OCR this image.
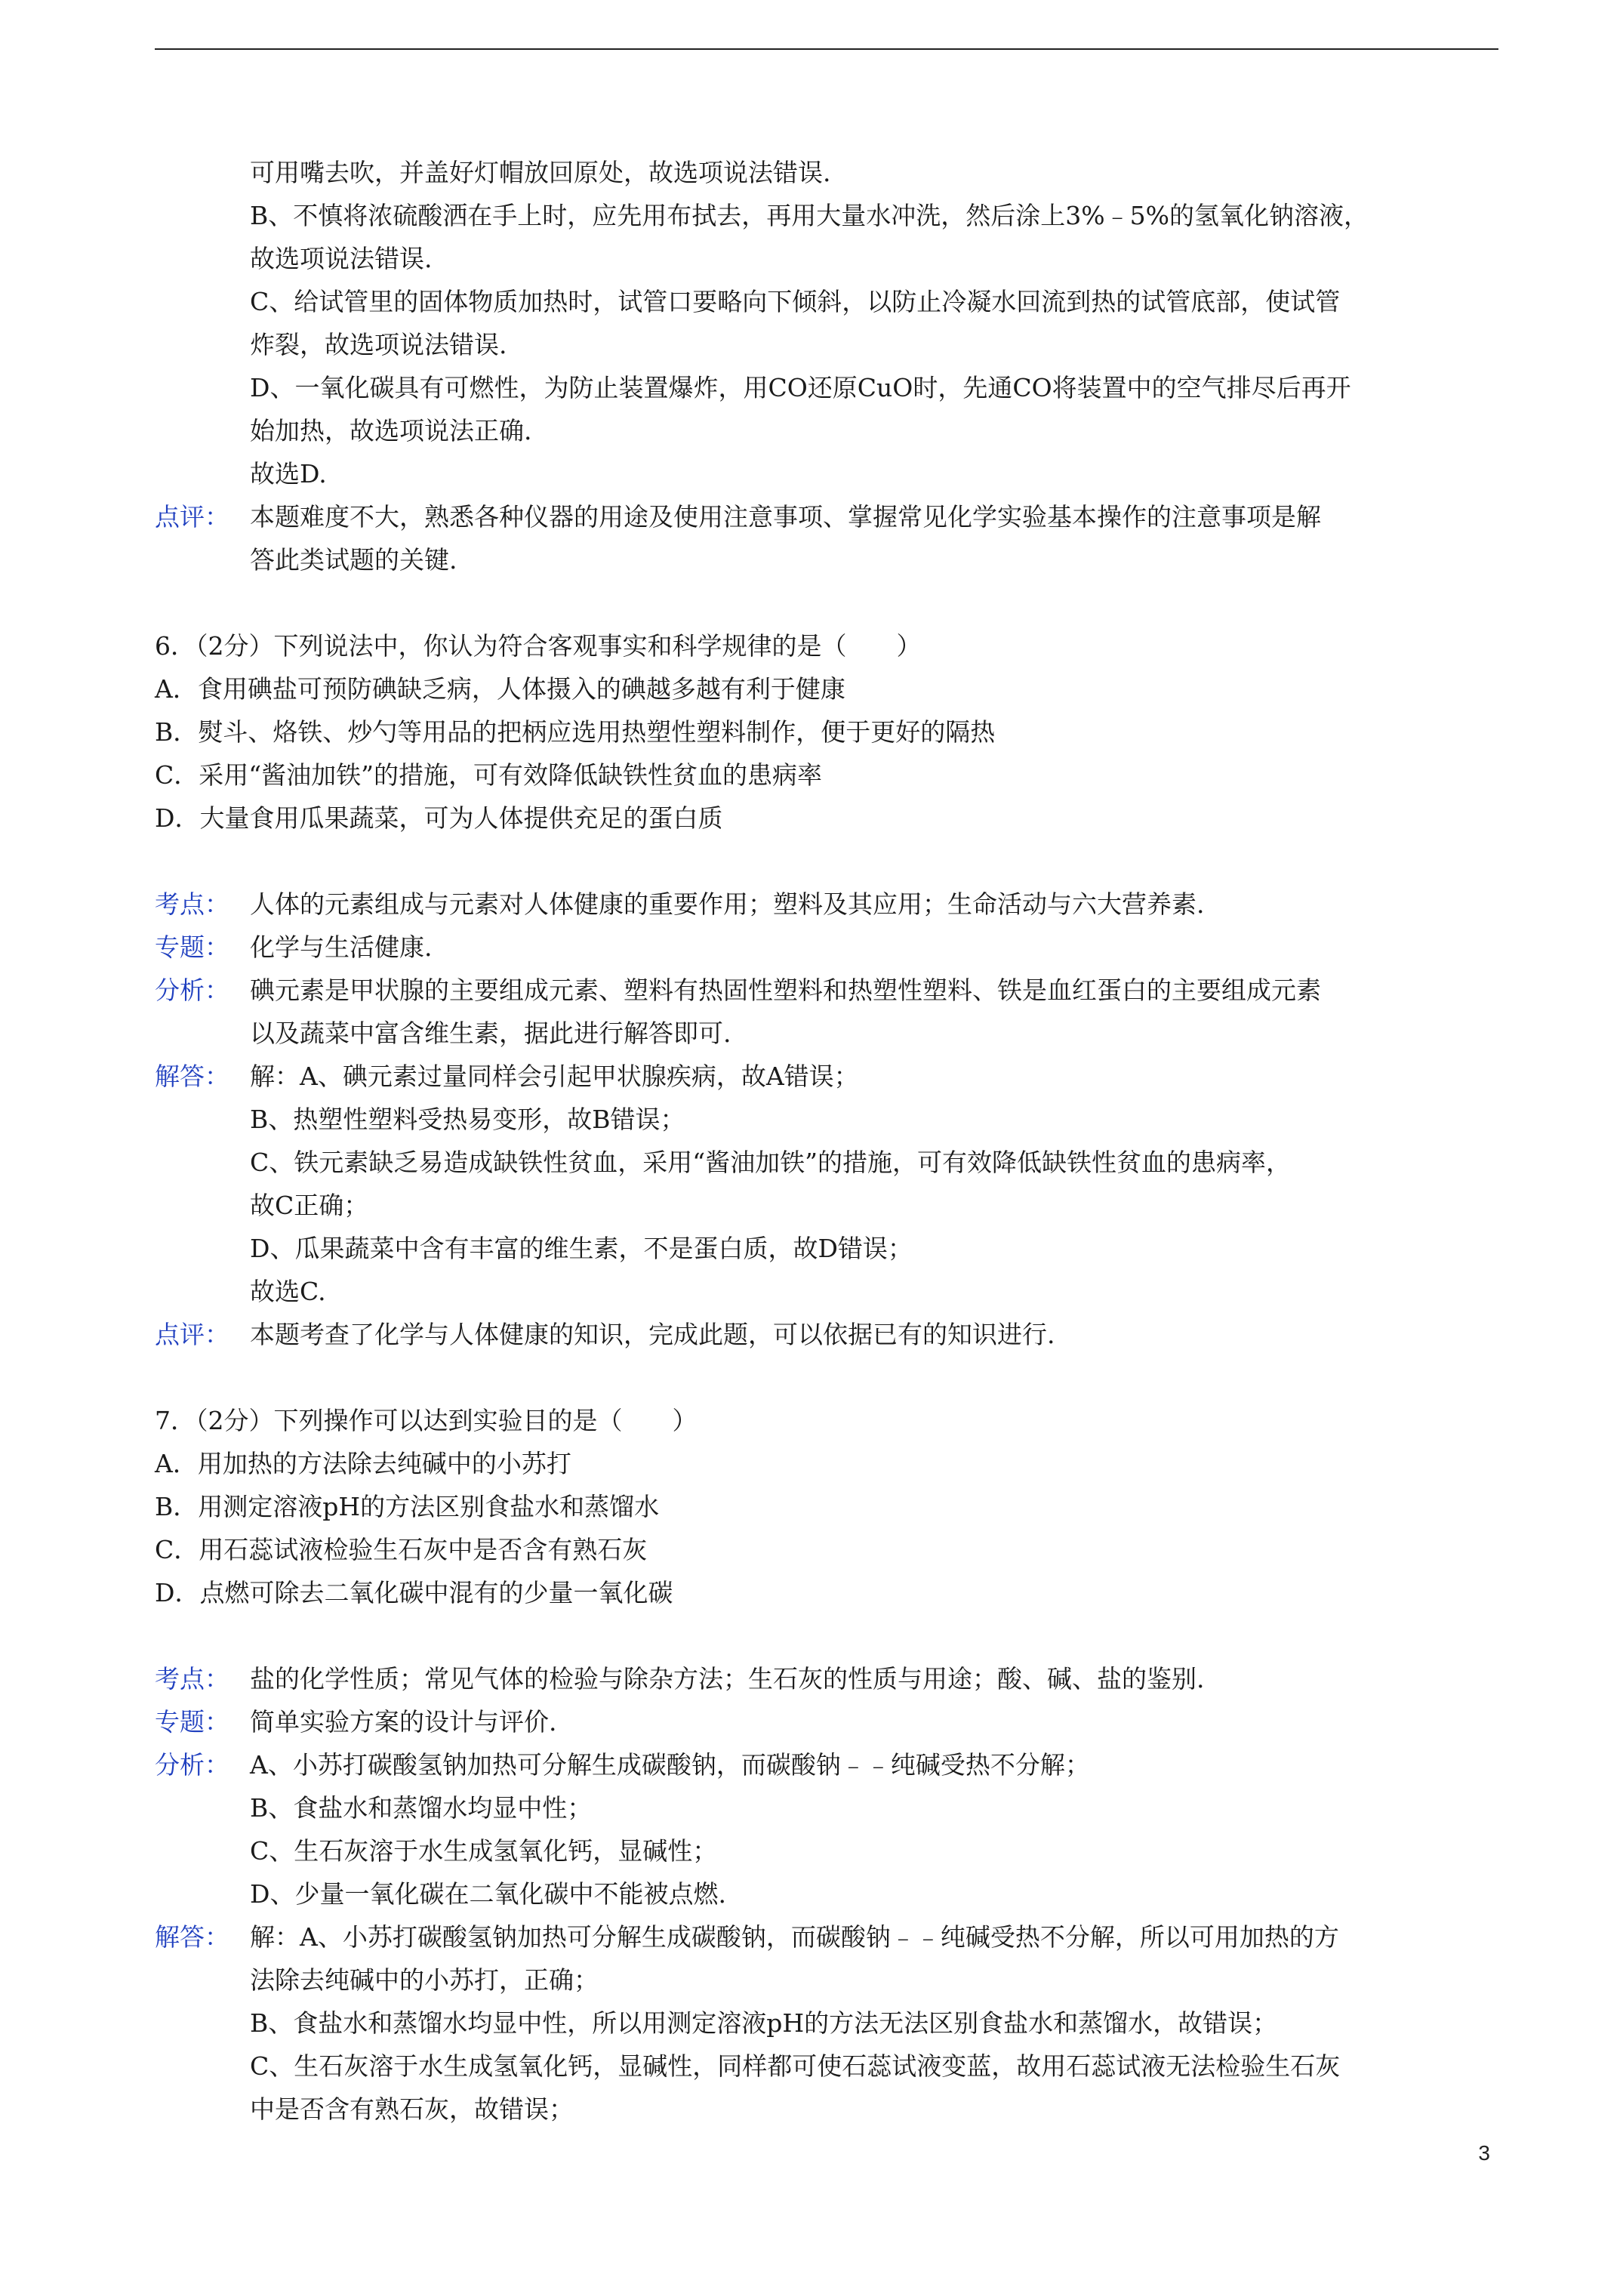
可用嘴去吹，并盖好灯帽放回原处，故选项说法错误.
B、不慎将浓硫酸洒在手上时，应先用布拭去，再用大量水冲洗，然后涂上3%﹣5%的氢氧化钠溶液，
故选项说法错误.
C、给试管里的固体物质加热时，试管口要略向下倾斜，以防止冷凝水回流到热的试管底部，使试管
炸裂，故选项说法错误.
D、一氧化碳具有可燃性，为防止装置爆炸，用CO还原CuO时，先通CO将装置中的空气排尽后再开
始加热，故选项说法正确.
故选D.
点评： 本题难度不大，熟悉各种仪器的用途及使用注意事项、掌握常见化学实验基本操作的注意事项是解
答此类试题的关键.
6．（2分）下列说法中，你认为符合客观事实和科学规律的是（　　）
A．食用碘盐可预防碘缺乏病，人体摄入的碘越多越有利于健康
B．熨斗、烙铁、炒勺等用品的把柄应选用热塑性塑料制作，便于更好的隔热
C．采用“酱油加铁”的措施，可有效降低缺铁性贫血的患病率
D．大量食用瓜果蔬菜，可为人体提供充足的蛋白质
考点： 人体的元素组成与元素对人体健康的重要作用；塑料及其应用；生命活动与六大营养素.
专题： 化学与生活健康.
分析： 碘元素是甲状腺的主要组成元素、塑料有热固性塑料和热塑性塑料、铁是血红蛋白的主要组成元素
以及蔬菜中富含维生素，据此进行解答即可.
解答： 解：A、碘元素过量同样会引起甲状腺疾病，故A错误；
B、热塑性塑料受热易变形，故B错误；
C、铁元素缺乏易造成缺铁性贫血，采用“酱油加铁”的措施，可有效降低缺铁性贫血的患病率，
故C正确；
D、瓜果蔬菜中含有丰富的维生素，不是蛋白质，故D错误；
故选C.
点评： 本题考查了化学与人体健康的知识，完成此题，可以依据已有的知识进行.
7．（2分）下列操作可以达到实验目的是（　　）
A．用加热的方法除去纯碱中的小苏打
B．用测定溶液pH的方法区别食盐水和蒸馏水
C．用石蕊试液检验生石灰中是否含有熟石灰
D．点燃可除去二氧化碳中混有的少量一氧化碳
考点： 盐的化学性质；常见气体的检验与除杂方法；生石灰的性质与用途；酸、碱、盐的鉴别.
专题： 简单实验方案的设计与评价.
分析： A、小苏打碳酸氢钠加热可分解生成碳酸钠，而碳酸钠﹣﹣纯碱受热不分解；
B、食盐水和蒸馏水均显中性；
C、生石灰溶于水生成氢氧化钙，显碱性；
D、少量一氧化碳在二氧化碳中不能被点燃.
解答： 解：A、小苏打碳酸氢钠加热可分解生成碳酸钠，而碳酸钠﹣﹣纯碱受热不分解，所以可用加热的方
法除去纯碱中的小苏打，正确；
B、食盐水和蒸馏水均显中性，所以用测定溶液pH的方法无法区别食盐水和蒸馏水，故错误；
C、生石灰溶于水生成氢氧化钙，显碱性，同样都可使石蕊试液变蓝，故用石蕊试液无法检验生石灰
中是否含有熟石灰，故错误；
3
